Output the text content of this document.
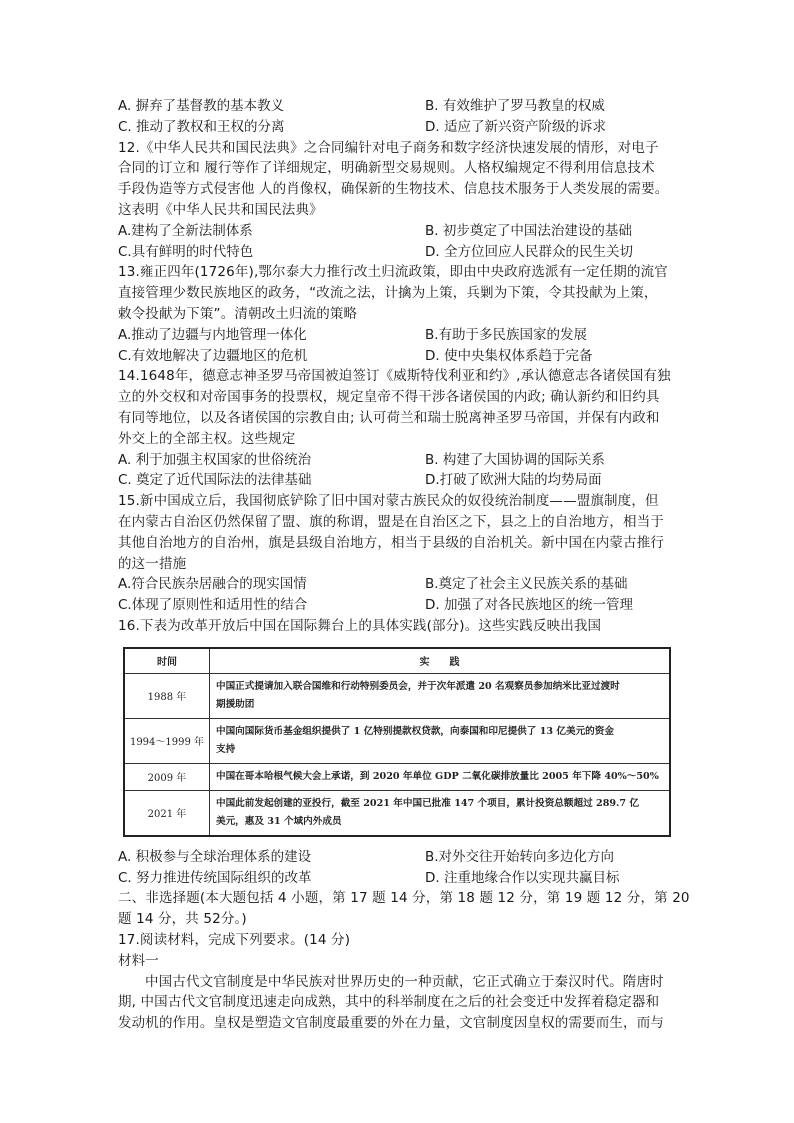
A. 摒弃了基督教的基本教义	B. 有效维护了罗马教皇的权威
C. 推动了教权和王权的分离	D. 适应了新兴资产阶级的诉求
12.《中华人民共和国民法典》之合同编针对电子商务和数字经济快速发展的情形，对电子
合同的订立和 履行等作了详细规定，明确新型交易规则。人格权编规定不得利用信息技术
手段伪造等方式侵害他 人的肖像权，确保新的生物技术、信息技术服务于人类发展的需要。
这表明《中华人民共和国民法典》
A.建构了全新法制体系	B. 初步奠定了中国法治建设的基础
C.具有鲜明的时代特色	D. 全方位回应人民群众的民生关切
13.雍正四年(1726年),鄂尔泰大力推行改土归流政策，即由中央政府选派有一定任期的流官
直接管理少数民族地区的政务，“改流之法，计擒为上策，兵剿为下策，令其投献为上策，
敕令投献为下策”。清朝改土归流的策略
A.推动了边疆与内地管理一体化	B.有助于多民族国家的发展
C.有效地解决了边疆地区的危机	D. 使中央集权体系趋于完备
14.1648年，德意志神圣罗马帝国被迫签订《威斯特伐利亚和约》,承认德意志各诸侯国有独
立的外交权和对帝国事务的投票权，规定皇帝不得干涉各诸侯国的内政; 确认新约和旧约具
有同等地位，以及各诸侯国的宗教自由; 认可荷兰和瑞士脱离神圣罗马帝国，并保有内政和
外交上的全部主权。这些规定
A. 利于加强主权国家的世俗统治	B. 构建了大国协调的国际关系
C. 奠定了近代国际法的法律基础	D.打破了欧洲大陆的均势局面
15.新中国成立后，我国彻底铲除了旧中国对蒙古族民众的奴役统治制度——盟旗制度，但
在内蒙古自治区仍然保留了盟、旗的称谓，盟是在自治区之下，县之上的自治地方，相当于
其他自治地方的自治州，旗是县级自治地方，相当于县级的自治机关。新中国在内蒙古推行
的这一措施
A.符合民族杂居融合的现实国情	B.奠定了社会主义民族关系的基础
C.体现了原则性和适用性的结合	D. 加强了对各民族地区的统一管理
16.下表为改革开放后中国在国际舞台上的具体实践(部分)。这些实践反映出我国
时间	实　　践
1988 年	中国正式提请加入联合国维和行动特别委员会，并于次年派遣 20 名观察员参加纳米比亚过渡时
期援助团

1994～1999 年	中国向国际货币基金组织提供了 1 亿特别提款权贷款，向泰国和印尼提供了 13 亿美元的资金
支持

2009 年	中国在哥本哈根气候大会上承诺，到 2020 年单位 GDP 二氧化碳排放量比 2005 年下降 40%～50%

2021 年	中国此前发起创建的亚投行，截至 2021 年中国已批准 147 个项目，累计投资总额超过 289.7 亿
美元，惠及 31 个域内外成员
A. 积极参与全球治理体系的建设	B.对外交往开始转向多边化方向
C. 努力推进传统国际组织的改革	D. 注重地缘合作以实现共赢目标
二、非选择题(本大题包括 4 小题，第 17 题 14 分，第 18 题 12 分，第 19 题 12 分，第 20
题 14 分，共 52分。)
17.阅读材料，完成下列要求。(14 分)
材料一
中国古代文官制度是中华民族对世界历史的一种贡献，它正式确立于秦汉时代。隋唐时
期, 中国古代文官制度迅速走向成熟，其中的科举制度在之后的社会变迁中发挥着稳定器和
发动机的作用。皇权是塑造文官制度最重要的外在力量，文官制度因皇权的需要而生，而与
